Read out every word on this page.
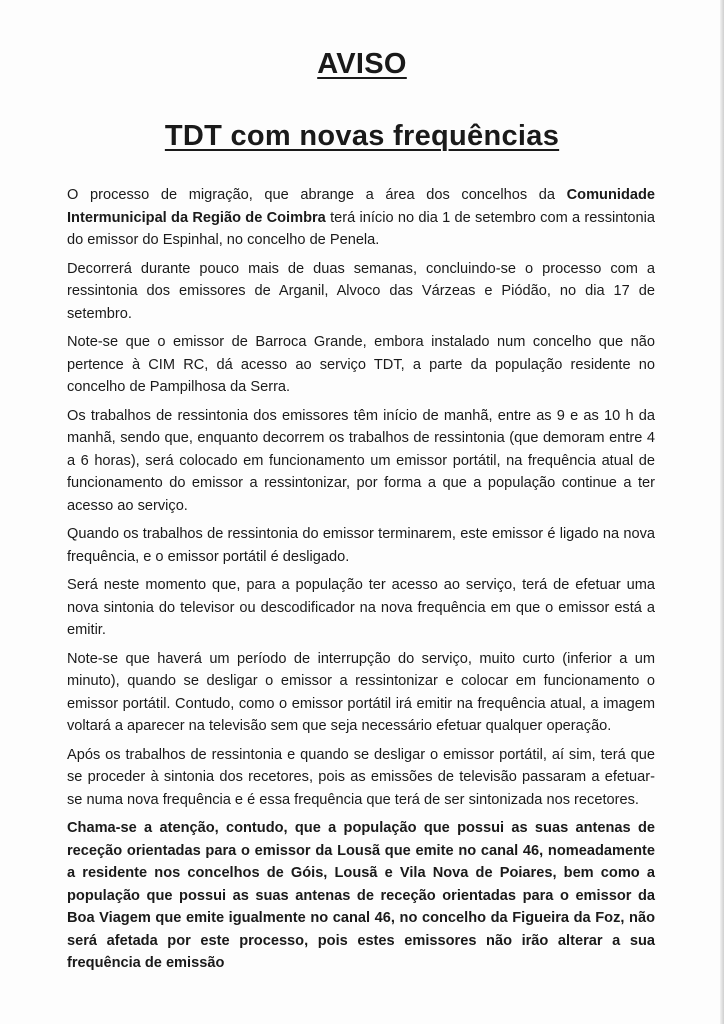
AVISO
TDT com novas frequências

O processo de migração, que abrange a área dos concelhos da Comunidade Intermunicipal da Região de Coimbra terá início no dia 1 de setembro com a ressintonia do emissor do Espinhal, no concelho de Penela.

Decorrerá durante pouco mais de duas semanas, concluindo-se o processo com a ressintonia dos emissores de Arganil, Alvoco das Várzeas e Piódão, no dia 17 de setembro.

Note-se que o emissor de Barroca Grande, embora instalado num concelho que não pertence à CIM RC, dá acesso ao serviço TDT, a parte da população residente no concelho de Pampilhosa da Serra.

Os trabalhos de ressintonia dos emissores têm início de manhã, entre as 9 e as 10 h da manhã, sendo que, enquanto decorrem os trabalhos de ressintonia (que demoram entre 4 a 6 horas), será colocado em funcionamento um emissor portátil, na frequência atual de funcionamento do emissor a ressintonizar, por forma a que a população continue a ter acesso ao serviço.

Quando os trabalhos de ressintonia do emissor terminarem, este emissor é ligado na nova frequência, e o emissor portátil é desligado.

Será neste momento que, para a população ter acesso ao serviço, terá de efetuar uma nova sintonia do televisor ou descodificador na nova frequência em que o emissor está a emitir.

Note-se que haverá um período de interrupção do serviço, muito curto (inferior a um minuto), quando se desligar o emissor a ressintonizar e colocar em funcionamento o emissor portátil. Contudo, como o emissor portátil irá emitir na frequência atual, a imagem voltará a aparecer na televisão sem que seja necessário efetuar qualquer operação.

Após os trabalhos de ressintonia e quando se desligar o emissor portátil, aí sim, terá que se proceder à sintonia dos recetores, pois as emissões de televisão passaram a efetuar-se numa nova frequência e é essa frequência que terá de ser sintonizada nos recetores.

Chama-se a atenção, contudo, que a população que possui as suas antenas de receção orientadas para o emissor da Lousã que emite no canal 46, nomeadamente a residente nos concelhos de Góis, Lousã e Vila Nova de Poiares, bem como a população que possui as suas antenas de receção orientadas para o emissor da Boa Viagem que emite igualmente no canal 46, no concelho da Figueira da Foz, não será afetada por este processo, pois estes emissores não irão alterar a sua frequência de emissão
